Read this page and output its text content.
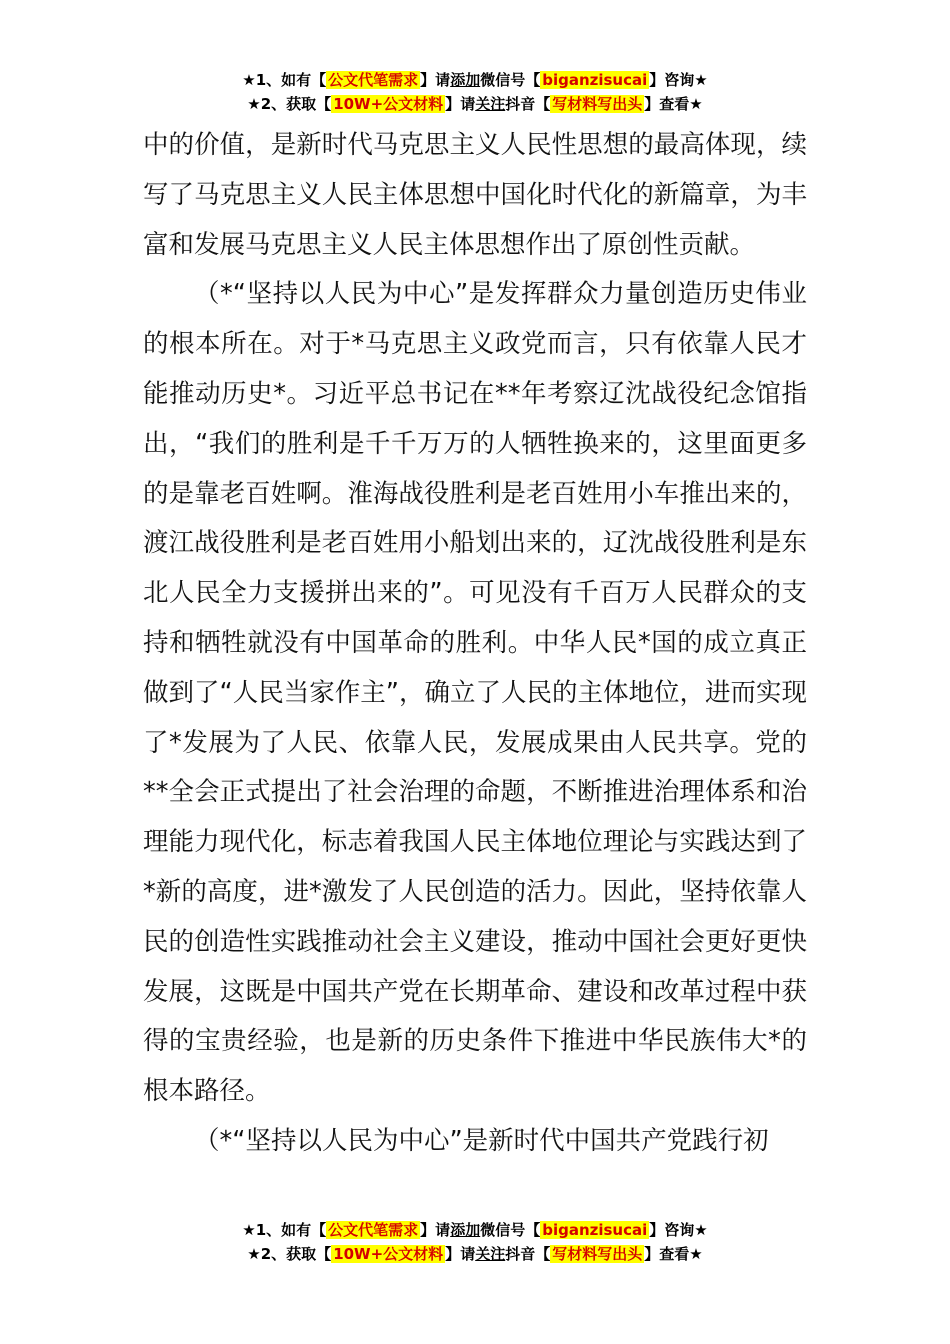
★1、如有【 公文代笔需求 】请添加微信号【 biganzisucai 】咨询★
★2、获取【 10W+公文材料 】请关注抖音【 写材料写出头 】查看★

中的价值，是新时代马克思主义人民性思想的最高体现，续写了马克思主义人民主体思想中国化时代化的新篇章，为丰富和发展马克思主义人民主体思想作出了原创性贡献。

（*“坚持以人民为中心”是发挥群众力量创造历史伟业的根本所在。对于*马克思主义政党而言，只有依靠人民才能推动历史*。习近平总书记在**年考察辽沈战役纪念馆指出，“我们的胜利是千千万万的人牺牲换来的，这里面更多的是靠老百姓啊。淮海战役胜利是老百姓用小车推出来的，渡江战役胜利是老百姓用小船划出来的，辽沈战役胜利是东北人民全力支援拼出来的”。可见没有千百万人民群众的支持和牺牲就没有中国革命的胜利。中华人民*国的成立真正做到了“人民当家作主”，确立了人民的主体地位，进而实现了*发展为了人民、依靠人民，发展成果由人民共享。党的**全会正式提出了社会治理的命题，不断推进治理体系和治理能力现代化，标志着我国人民主体地位理论与实践达到了*新的高度，进*激发了人民创造的活力。因此，坚持依靠人民的创造性实践推动社会主义建设，推动中国社会更好更快发展，这既是中国共产党在长期革命、建设和改革过程中获得的宝贵经验，也是新的历史条件下推进中华民族伟大*的根本路径。

（*“坚持以人民为中心”是新时代中国共产党践行初

★1、如有【 公文代笔需求 】请添加微信号【 biganzisucai 】咨询★
★2、获取【 10W+公文材料 】请关注抖音【 写材料写出头 】查看★
